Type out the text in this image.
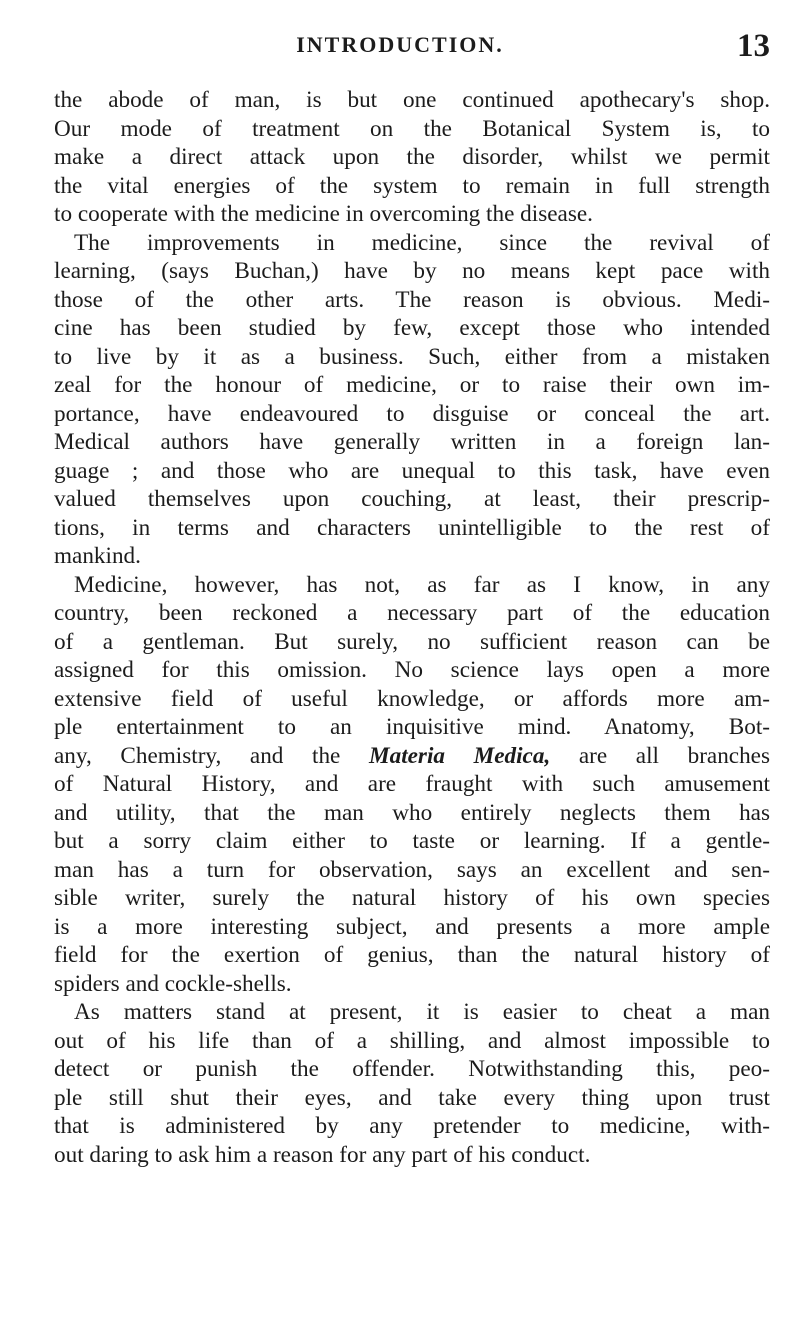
INTRODUCTION.	13
the abode of man, is but one continued apothecary's shop.
Our mode of treatment on the Botanical System is, to
make a direct attack upon the disorder, whilst we permit
the vital energies of the system to remain in full strength
to cooperate with the medicine in overcoming the disease.
The improvements in medicine, since the revival of
learning, (says Buchan,) have by no means kept pace with
those of the other arts. The reason is obvious. Medi-
cine has been studied by few, except those who intended
to live by it as a business. Such, either from a mistaken
zeal for the honour of medicine, or to raise their own im-
portance, have endeavoured to disguise or conceal the art.
Medical authors have generally written in a foreign lan-
guage ; and those who are unequal to this task, have even
valued themselves upon couching, at least, their prescrip-
tions, in terms and characters unintelligible to the rest of
mankind.
Medicine, however, has not, as far as I know, in any
country, been reckoned a necessary part of the education
of a gentleman. But surely, no sufficient reason can be
assigned for this omission. No science lays open a more
extensive field of useful knowledge, or affords more am-
ple entertainment to an inquisitive mind. Anatomy, Bot-
any, Chemistry, and the Materia Medica, are all branches
of Natural History, and are fraught with such amusement
and utility, that the man who entirely neglects them has
but a sorry claim either to taste or learning. If a gentle-
man has a turn for observation, says an excellent and sen-
sible writer, surely the natural history of his own species
is a more interesting subject, and presents a more ample
field for the exertion of genius, than the natural history of
spiders and cockle-shells.
As matters stand at present, it is easier to cheat a man
out of his life than of a shilling, and almost impossible to
detect or punish the offender. Notwithstanding this, peo-
ple still shut their eyes, and take every thing upon trust
that is administered by any pretender to medicine, with-
out daring to ask him a reason for any part of his conduct.
